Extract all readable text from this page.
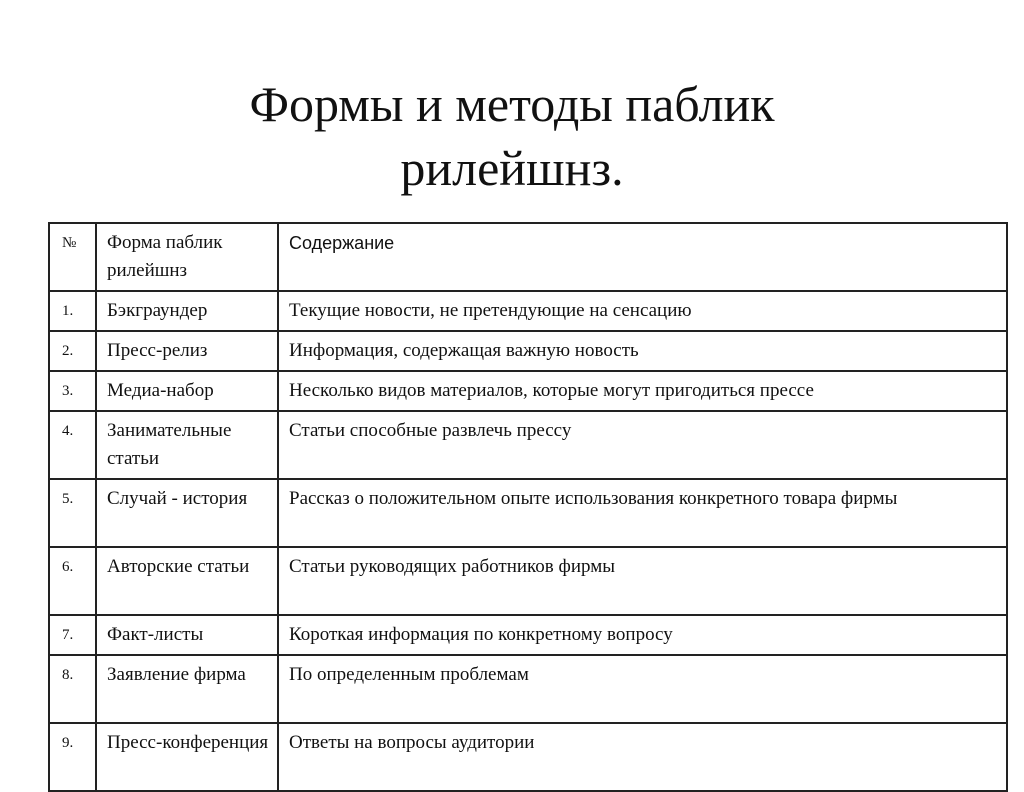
Формы и методы паблик
рилейшнз.
№	Форма паблик рилейшнз	Содержание
1.	Бэкграундер	Текущие новости, не претендующие на сенсацию
2.	Пресс-релиз	Информация, содержащая важную новость
3.	Медиа-набор	Несколько видов материалов, которые могут пригодиться прессе
4.	Занимательные статьи	Статьи способные развлечь прессу
5.	Случай - история	Рассказ о положительном опыте использования конкретного товара фирмы
6.	Авторские статьи	Статьи руководящих работников фирмы
7.	Факт-листы	Короткая информация по конкретному вопросу
8.	Заявление фирма	По определенным проблемам
9.	Пресс-конференция	Ответы на вопросы аудитории
